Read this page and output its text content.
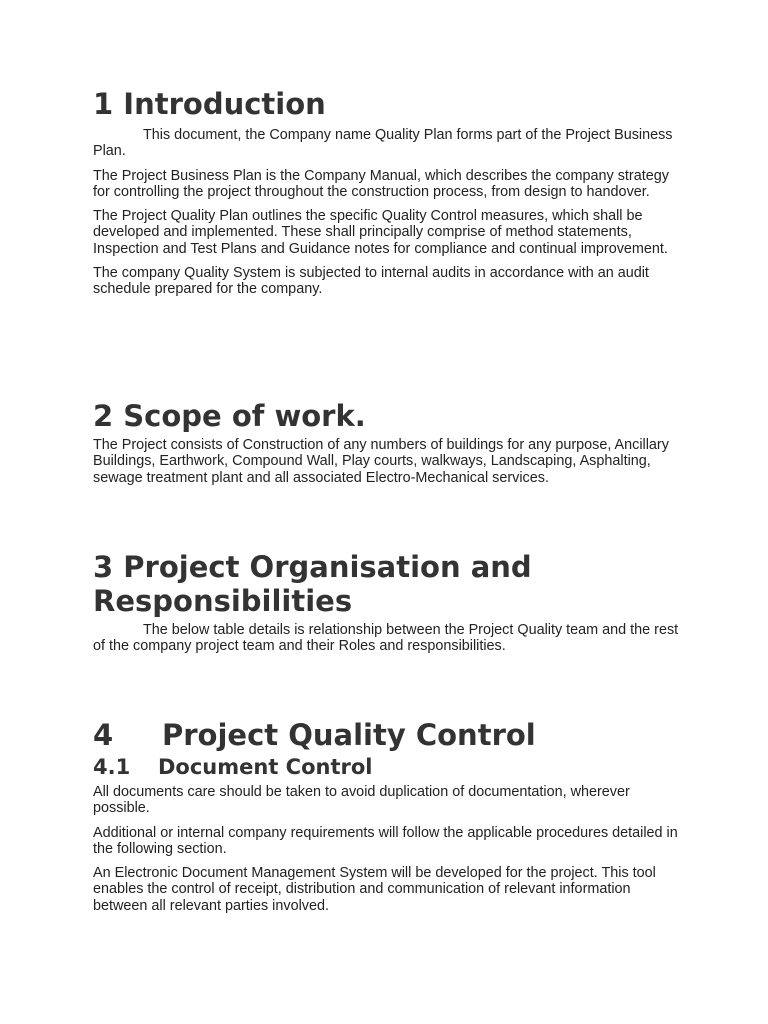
1 Introduction

This document, the Company name Quality Plan forms part of the Project Business Plan.

The Project Business Plan is the Company Manual, which describes the company strategy for controlling the project throughout the construction process, from design to handover.

The Project Quality Plan outlines the specific Quality Control measures, which shall be developed and implemented. These shall principally comprise of method statements, Inspection and Test Plans and Guidance notes for compliance and continual improvement.

The company Quality System is subjected to internal audits in accordance with an audit schedule prepared for the company.

2 Scope of work.

The Project consists of Construction of any numbers of buildings for any purpose, Ancillary Buildings, Earthwork, Compound Wall, Play courts, walkways, Landscaping, Asphalting, sewage treatment plant and all associated Electro-Mechanical services.

3 Project Organisation and Responsibilities

The below table details is relationship between the Project Quality team and the rest of the company project team and their Roles and responsibilities.

4 Project Quality Control
4.1 Document Control

All documents care should be taken to avoid duplication of documentation, wherever possible.

Additional or internal company requirements will follow the applicable procedures detailed in the following section.

An Electronic Document Management System will be developed for the project. This tool enables the control of receipt, distribution and communication of relevant information between all relevant parties involved.
